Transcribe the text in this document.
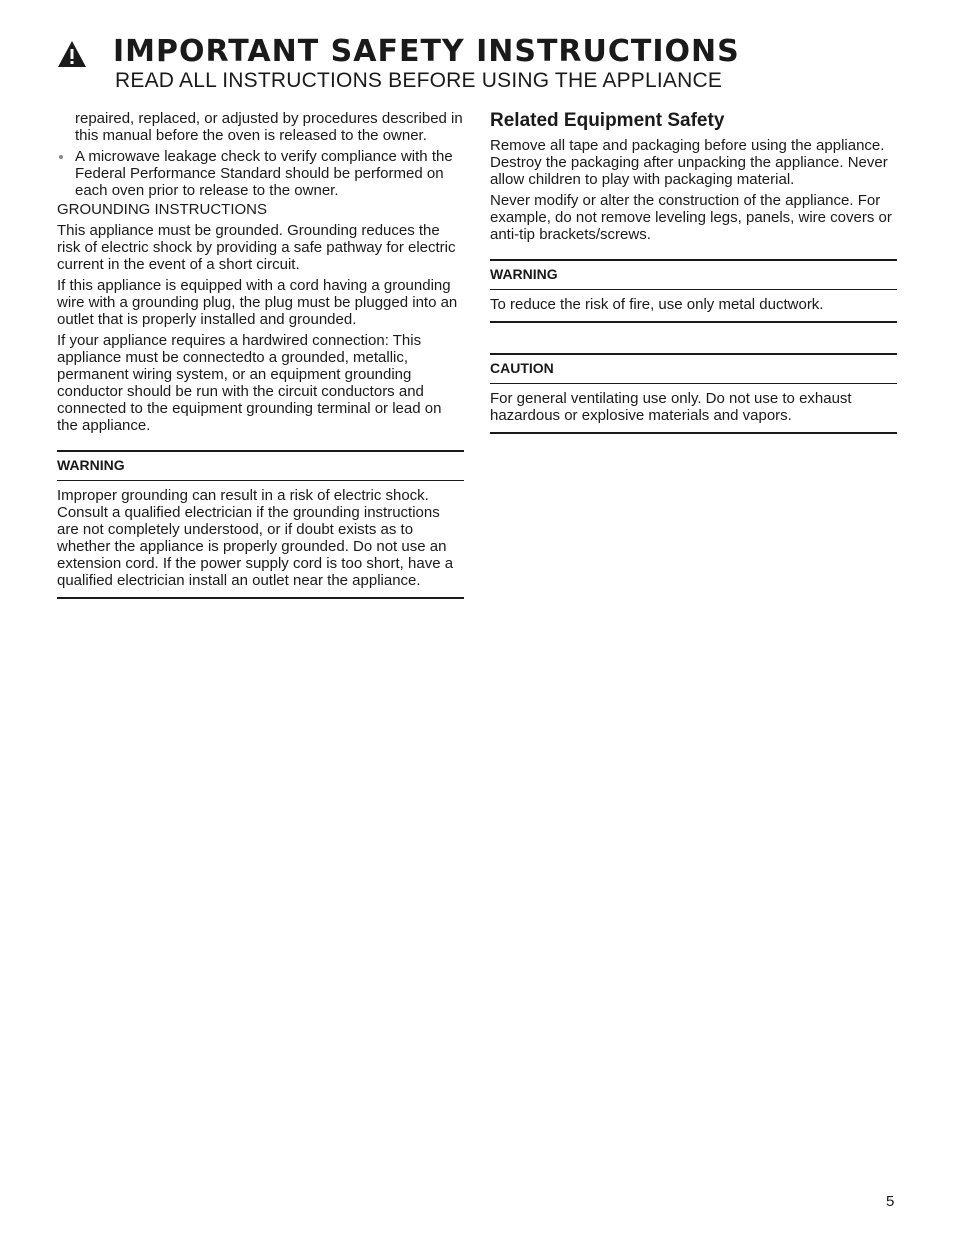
IMPORTANT SAFETY INSTRUCTIONS
READ ALL INSTRUCTIONS BEFORE USING THE APPLIANCE

repaired, replaced, or adjusted by procedures described in this manual before the oven is released to the owner.

A microwave leakage check to verify compliance with the Federal Performance Standard should be performed on each oven prior to release to the owner.

GROUNDING INSTRUCTIONS

This appliance must be grounded. Grounding reduces the risk of electric shock by providing a safe pathway for electric current in the event of a short circuit.

If this appliance is equipped with a cord having a grounding wire with a grounding plug, the plug must be plugged into an outlet that is properly installed and grounded.

If your appliance requires a hardwired connection: This appliance must be connectedto a grounded, metallic, permanent wiring system, or an equipment grounding conductor should be run with the circuit conductors and connected to the equipment grounding terminal or lead on the appliance.

WARNING
Improper grounding can result in a risk of electric shock. Consult a qualified electrician if the grounding instructions are not completely understood, or if doubt exists as to whether the appliance is properly grounded. Do not use an extension cord. If the power supply cord is too short, have a qualified electrician install an outlet near the appliance.
Related Equipment Safety

Remove all tape and packaging before using the appliance. Destroy the packaging after unpacking the appliance. Never allow children to play with packaging material.

Never modify or alter the construction of the appliance. For example, do not remove leveling legs, panels, wire covers or anti-tip brackets/screws.

WARNING
To reduce the risk of fire, use only metal ductwork.
CAUTION
For general ventilating use only. Do not use to exhaust hazardous or explosive materials and vapors.
5
